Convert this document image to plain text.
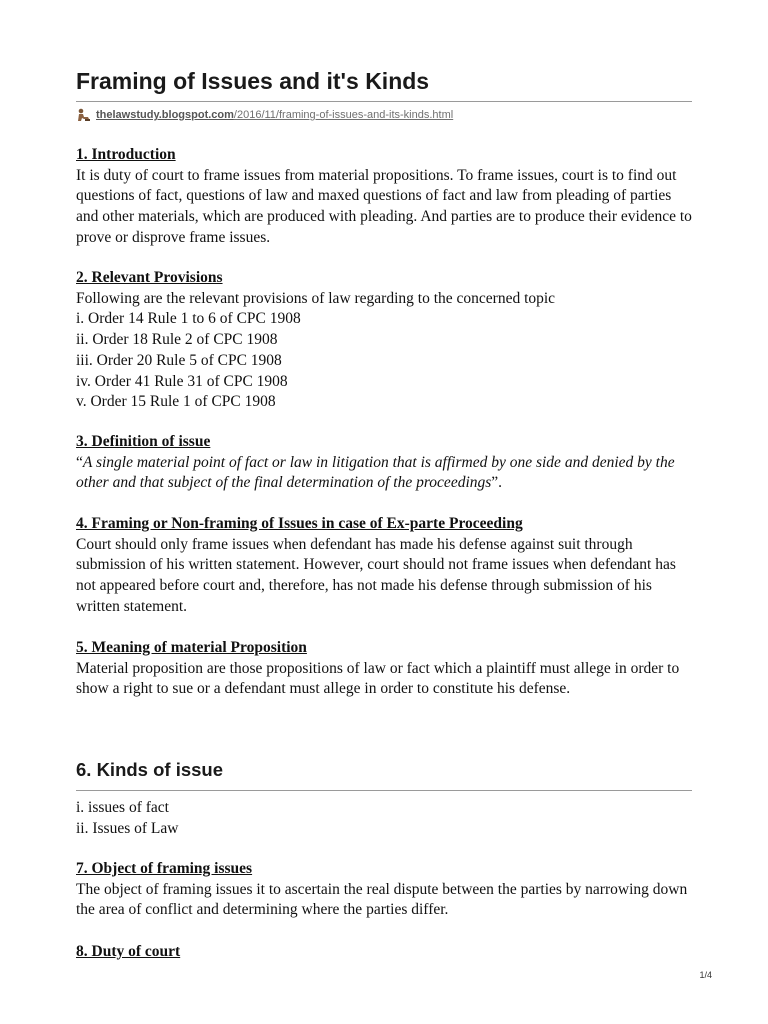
Framing of Issues and it's Kinds
thelawstudy.blogspot.com /2016/11/framing-of-issues-and-its-kinds.html
1. Introduction

It is duty of court to frame issues from material propositions. To frame issues, court is to find out questions of fact, questions of law and maxed questions of fact and law from pleading of parties and other materials, which are produced with pleading. And parties are to produce their evidence to prove or disprove frame issues.

2. Relevant Provisions
Following are the relevant provisions of law regarding to the concerned topic
i. Order 14 Rule 1 to 6 of CPC 1908
ii. Order 18 Rule 2 of CPC 1908
iii. Order 20 Rule 5 of CPC 1908
iv. Order 41 Rule 31 of CPC 1908
v. Order 15 Rule 1 of CPC 1908
3. Definition of issue

“A single material point of fact or law in litigation that is affirmed by one side and denied by the other and that subject of the final determination of the proceedings”.

4. Framing or Non-framing of Issues in case of Ex-parte Proceeding

Court should only frame issues when defendant has made his defense against suit through submission of his written statement. However, court should not frame issues when defendant has not appeared before court and, therefore, has not made his defense through submission of his written statement.

5. Meaning of material Proposition

Material proposition are those propositions of law or fact which a plaintiff must allege in order to show a right to sue or a defendant must allege in order to constitute his defense.

6. Kinds of issue
i. issues of fact
ii. Issues of Law
7. Object of framing issues

The object of framing issues it to ascertain the real dispute between the parties by narrowing down the area of conflict and determining where the parties differ.

8. Duty of court
1/4
